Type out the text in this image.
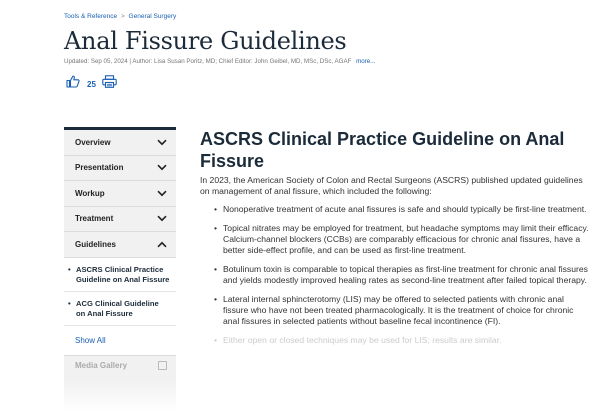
Tools & Reference > General Surgery
Anal Fissure Guidelines
Updated: Sep 05, 2024 | Author: Lisa Susan Poritz, MD; Chief Editor: John Geibel, MD, MSc, DSc, AGAF more...
25
Overview
Presentation
Workup
Treatment
Guidelines
• ASCRS Clinical Practice Guideline on Anal Fissure
• ACG Clinical Guideline on Anal Fissure
Show All
Media Gallery
ASCRS Clinical Practice Guideline on Anal Fissure

In 2023, the American Society of Colon and Rectal Surgeons (ASCRS) published updated guidelines on management of anal fissure, which included the following:

• Nonoperative treatment of acute anal fissures is safe and should typically be first-line treatment.
• Topical nitrates may be employed for treatment, but headache symptoms may limit their efficacy. Calcium-channel blockers (CCBs) are comparably efficacious for chronic anal fissures, have a better side-effect profile, and can be used as first-line treatment.
• Botulinum toxin is comparable to topical therapies as first-line treatment for chronic anal fissures and yields modestly improved healing rates as second-line treatment after failed topical therapy.
• Lateral internal sphincterotomy (LIS) may be offered to selected patients with chronic anal fissure who have not been treated pharmacologically. It is the treatment of choice for chronic anal fissures in selected patients without baseline fecal incontinence (FI).
• Either open or closed techniques may be used for LIS; results are similar.
